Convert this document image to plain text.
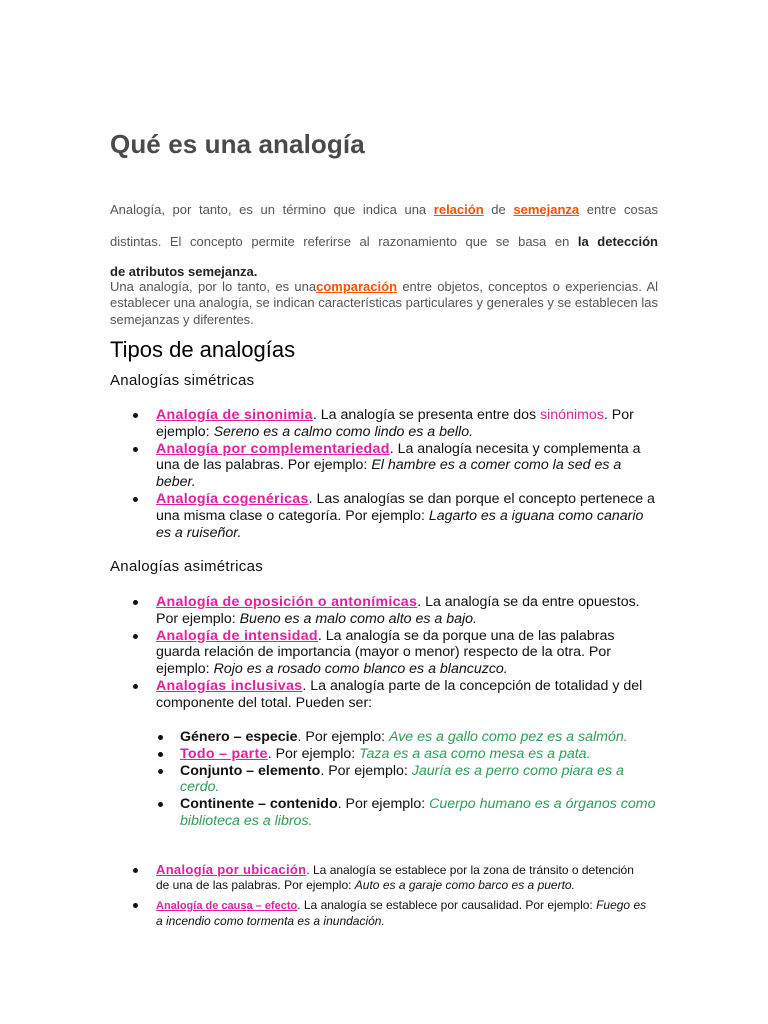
Qué es una analogía
Analogía, por tanto, es un término que indica una relación de semejanza entre cosas
distintas. El concepto permite referirse al razonamiento que se basa en la detección
de atributos semejanza.
Una analogía, por lo tanto, es unacomparación entre objetos, conceptos o experiencias. Al establecer una analogía, se indican características particulares y generales y se establecen las semejanzas y diferentes.
Tipos de analogías
Analogías simétricas
Analogía de sinonimia. La analogía se presenta entre dos sinónimos. Por ejemplo: Sereno es a calmo como lindo es a bello.
Analogía por complementariedad. La analogía necesita y complementa a una de las palabras. Por ejemplo: El hambre es a comer como la sed es a beber.
Analogía cogenéricas. Las analogías se dan porque el concepto pertenece a una misma clase o categoría. Por ejemplo: Lagarto es a iguana como canario es a ruiseñor.
Analogías asimétricas
Analogía de oposición o antonímicas. La analogía se da entre opuestos. Por ejemplo: Bueno es a malo como alto es a bajo.
Analogía de intensidad. La analogía se da porque una de las palabras guarda relación de importancia (mayor o menor) respecto de la otra. Por ejemplo: Rojo es a rosado como blanco es a blancuzco.
Analogías inclusivas. La analogía parte de la concepción de totalidad y del componente del total. Pueden ser:
Género – especie. Por ejemplo: Ave es a gallo como pez es a salmón.
Todo – parte. Por ejemplo: Taza es a asa como mesa es a pata.
Conjunto – elemento. Por ejemplo: Jauría es a perro como piara es a cerdo.
Continente – contenido. Por ejemplo: Cuerpo humano es a órganos como biblioteca es a libros.
Analogía por ubicación. La analogía se establece por la zona de tránsito o detención de una de las palabras. Por ejemplo: Auto es a garaje como barco es a puerto.
Analogía de causa – efecto. La analogía se establece por causalidad. Por ejemplo: Fuego es a incendio como tormenta es a inundación.
